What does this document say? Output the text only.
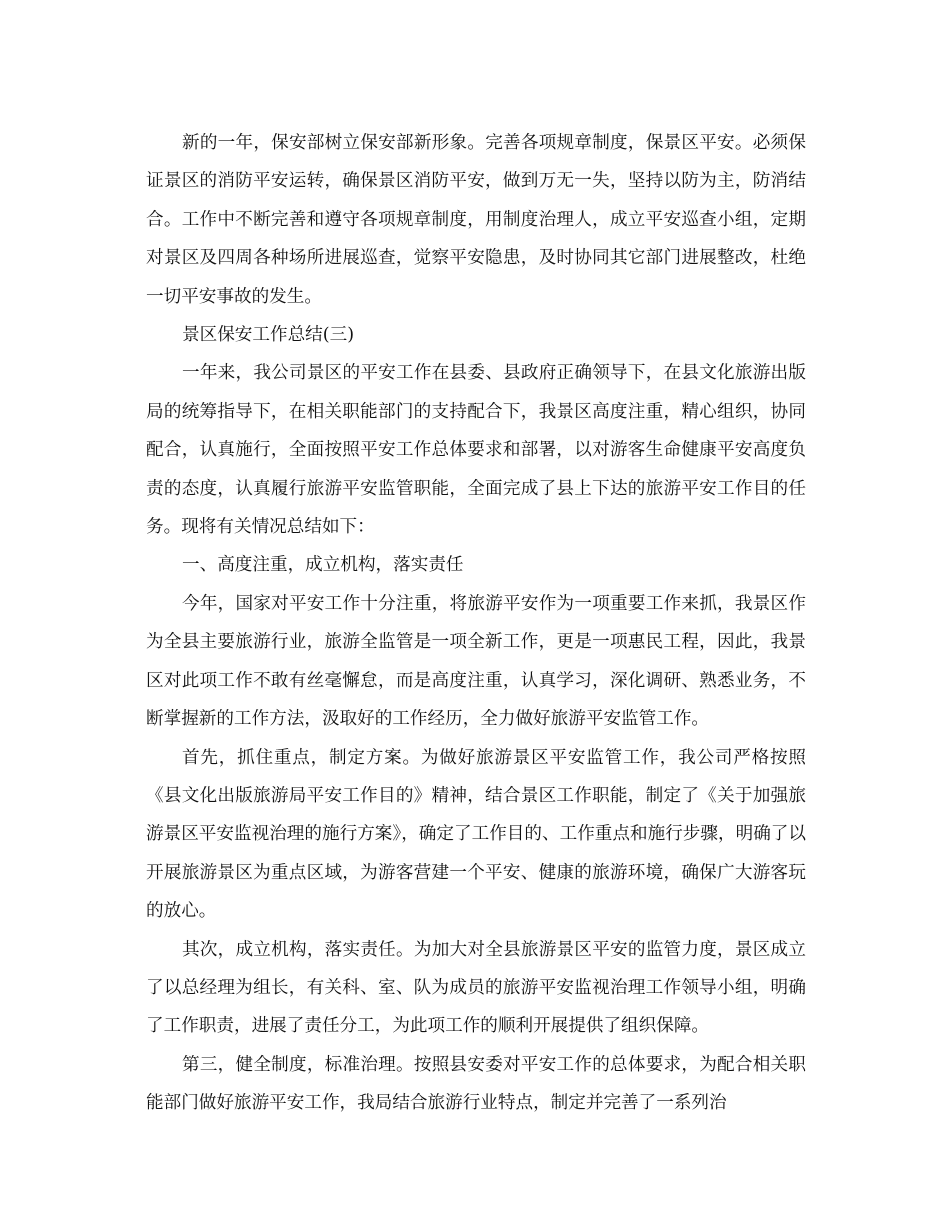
新的一年，保安部树立保安部新形象。完善各项规章制度，保景区平安。必须保证景区的消防平安运转，确保景区消防平安，做到万无一失，坚持以防为主，防消结合。工作中不断完善和遵守各项规章制度，用制度治理人，成立平安巡查小组，定期对景区及四周各种场所进展巡查，觉察平安隐患，及时协同其它部门进展整改，杜绝一切平安事故的发生。

景区保安工作总结(三)

一年来，我公司景区的平安工作在县委、县政府正确领导下，在县文化旅游出版局的统筹指导下，在相关职能部门的支持配合下，我景区高度注重，精心组织，协同配合，认真施行，全面按照平安工作总体要求和部署，以对游客生命健康平安高度负责的态度，认真履行旅游平安监管职能，全面完成了县上下达的旅游平安工作目的任务。现将有关情况总结如下：

一、高度注重，成立机构，落实责任

今年，国家对平安工作十分注重，将旅游平安作为一项重要工作来抓，我景区作为全县主要旅游行业，旅游全监管是一项全新工作，更是一项惠民工程，因此，我景区对此项工作不敢有丝毫懈怠，而是高度注重，认真学习，深化调研、熟悉业务，不断掌握新的工作方法，汲取好的工作经历，全力做好旅游平安监管工作。

首先，抓住重点，制定方案。为做好旅游景区平安监管工作，我公司严格按照《县文化出版旅游局平安工作目的》精神，结合景区工作职能，制定了《关于加强旅游景区平安监视治理的施行方案》，确定了工作目的、工作重点和施行步骤，明确了以开展旅游景区为重点区域，为游客营建一个平安、健康的旅游环境，确保广大游客玩的放心。

其次，成立机构，落实责任。为加大对全县旅游景区平安的监管力度，景区成立了以总经理为组长，有关科、室、队为成员的旅游平安监视治理工作领导小组，明确了工作职责，进展了责任分工，为此项工作的顺利开展提供了组织保障。

第三，健全制度，标准治理。按照县安委对平安工作的总体要求，为配合相关职能部门做好旅游平安工作，我局结合旅游行业特点，制定并完善了一系列治
